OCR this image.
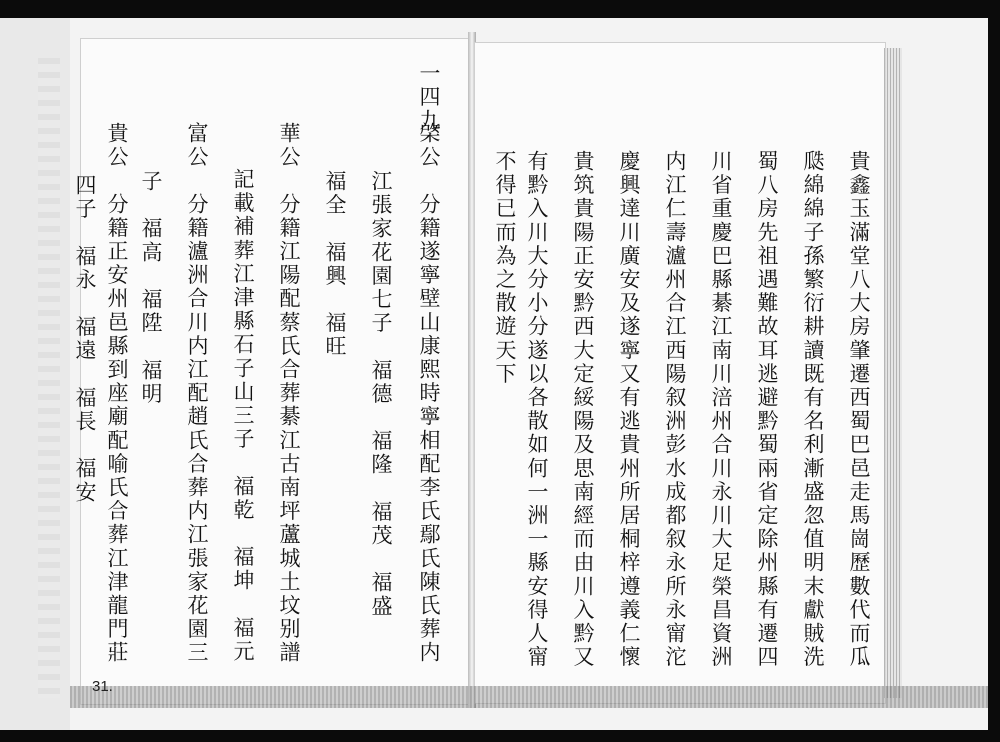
一四九
棨公　分籍遂寧壁山康熙時寧相配李氏鄢氏陳氏葬内
江張家花園七子　福德　福隆　福茂　福盛
福全　福興　福旺
華公　分籍江陽配蔡氏合葬綦江古南坪蘆城土坟别譜
記載補葬江津縣石子山三子　福乾　福坤　福元
富公　分籍瀘洲合川内江配趙氏合葬内江張家花園三
子　福高　福陞　福明
貴公　分籍正安州邑縣到座廟配喻氏合葬江津龍門莊
四子　福永　福遠　福長　福安
31.
貴鑫玉滿堂八大房肇遷西蜀巴邑走馬崗歷數代而瓜
瓞綿綿子孫繁衍耕讀既有名利漸盛忽值明末獻賊洗
蜀八房先祖遇難故耳逃避黔蜀兩省定除州縣有遷四
川省重慶巴縣綦江南川涪州合川永川大足榮昌資洲
内江仁壽瀘州合江西陽叙洲彭水成都叙永所永甯沱
慶興達川廣安及遂寧又有逃貴州所居桐梓遵義仁懷
貴筑貴陽正安黔西大定綏陽及思南經而由川入黔又
有黔入川大分小分遂以各散如何一洲一縣安得人甯
不得已而為之散遊天下
